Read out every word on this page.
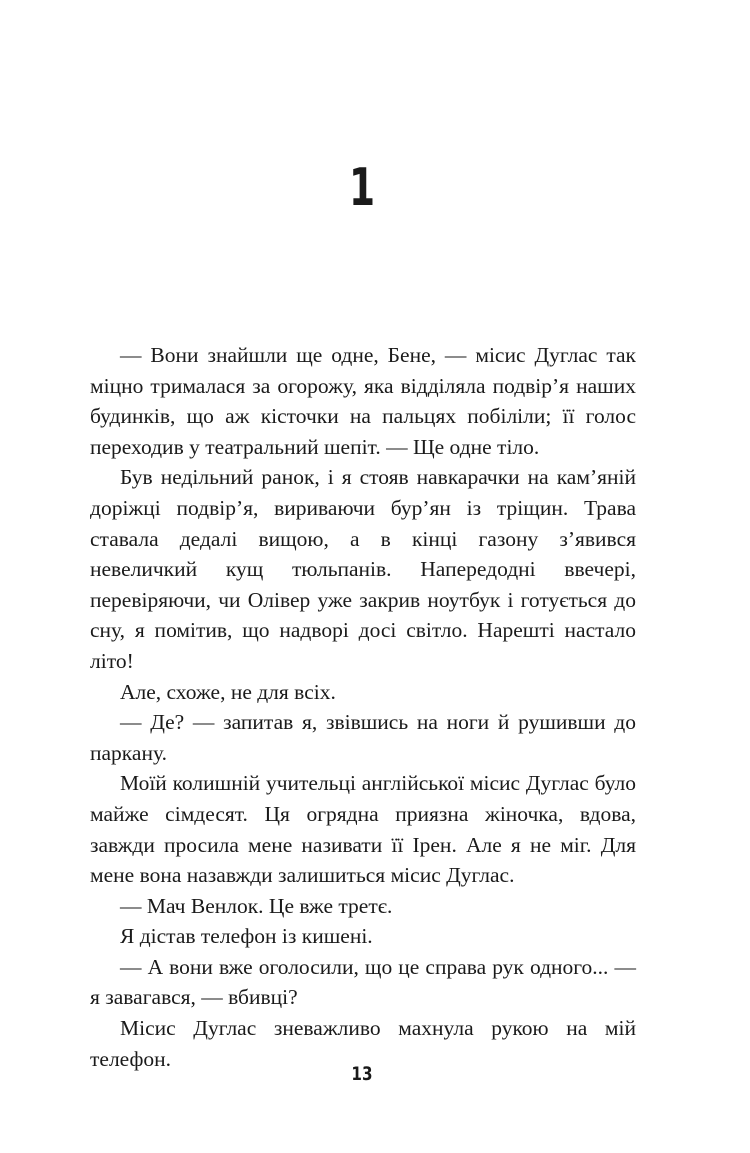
1

— Вони знайшли ще одне, Бене, — місис Дуглас так міцно трималася за огорожу, яка відділяла подвір’я наших будинків, що аж кісточки на пальцях побіліли; її голос переходив у театральний шепіт. — Ще одне тіло.

Був недільний ранок, і я стояв навкарачки на кам’яній доріжці подвір’я, вириваючи бур’ян із тріщин. Трава ставала дедалі вищою, а в кінці газону з’явився невеличкий кущ тюльпанів. Напередодні ввечері, перевіряючи, чи Олівер уже закрив ноутбук і готується до сну, я помітив, що надворі досі світло. Нарешті настало літо!

Але, схоже, не для всіх.

— Де? — запитав я, звівшись на ноги й рушивши до паркану.

Моїй колишній учительці англійської місис Дуглас було майже сімдесят. Ця огрядна приязна жіночка, вдова, завжди просила мене називати її Ірен. Але я не міг. Для мене вона назавжди залишиться місис Дуглас.

— Мач Венлок. Це вже третє.

Я дістав телефон із кишені.

— А вони вже оголосили, що це справа рук одного... — я завагався, — вбивці?

Місис Дуглас зневажливо махнула рукою на мій телефон.

13
